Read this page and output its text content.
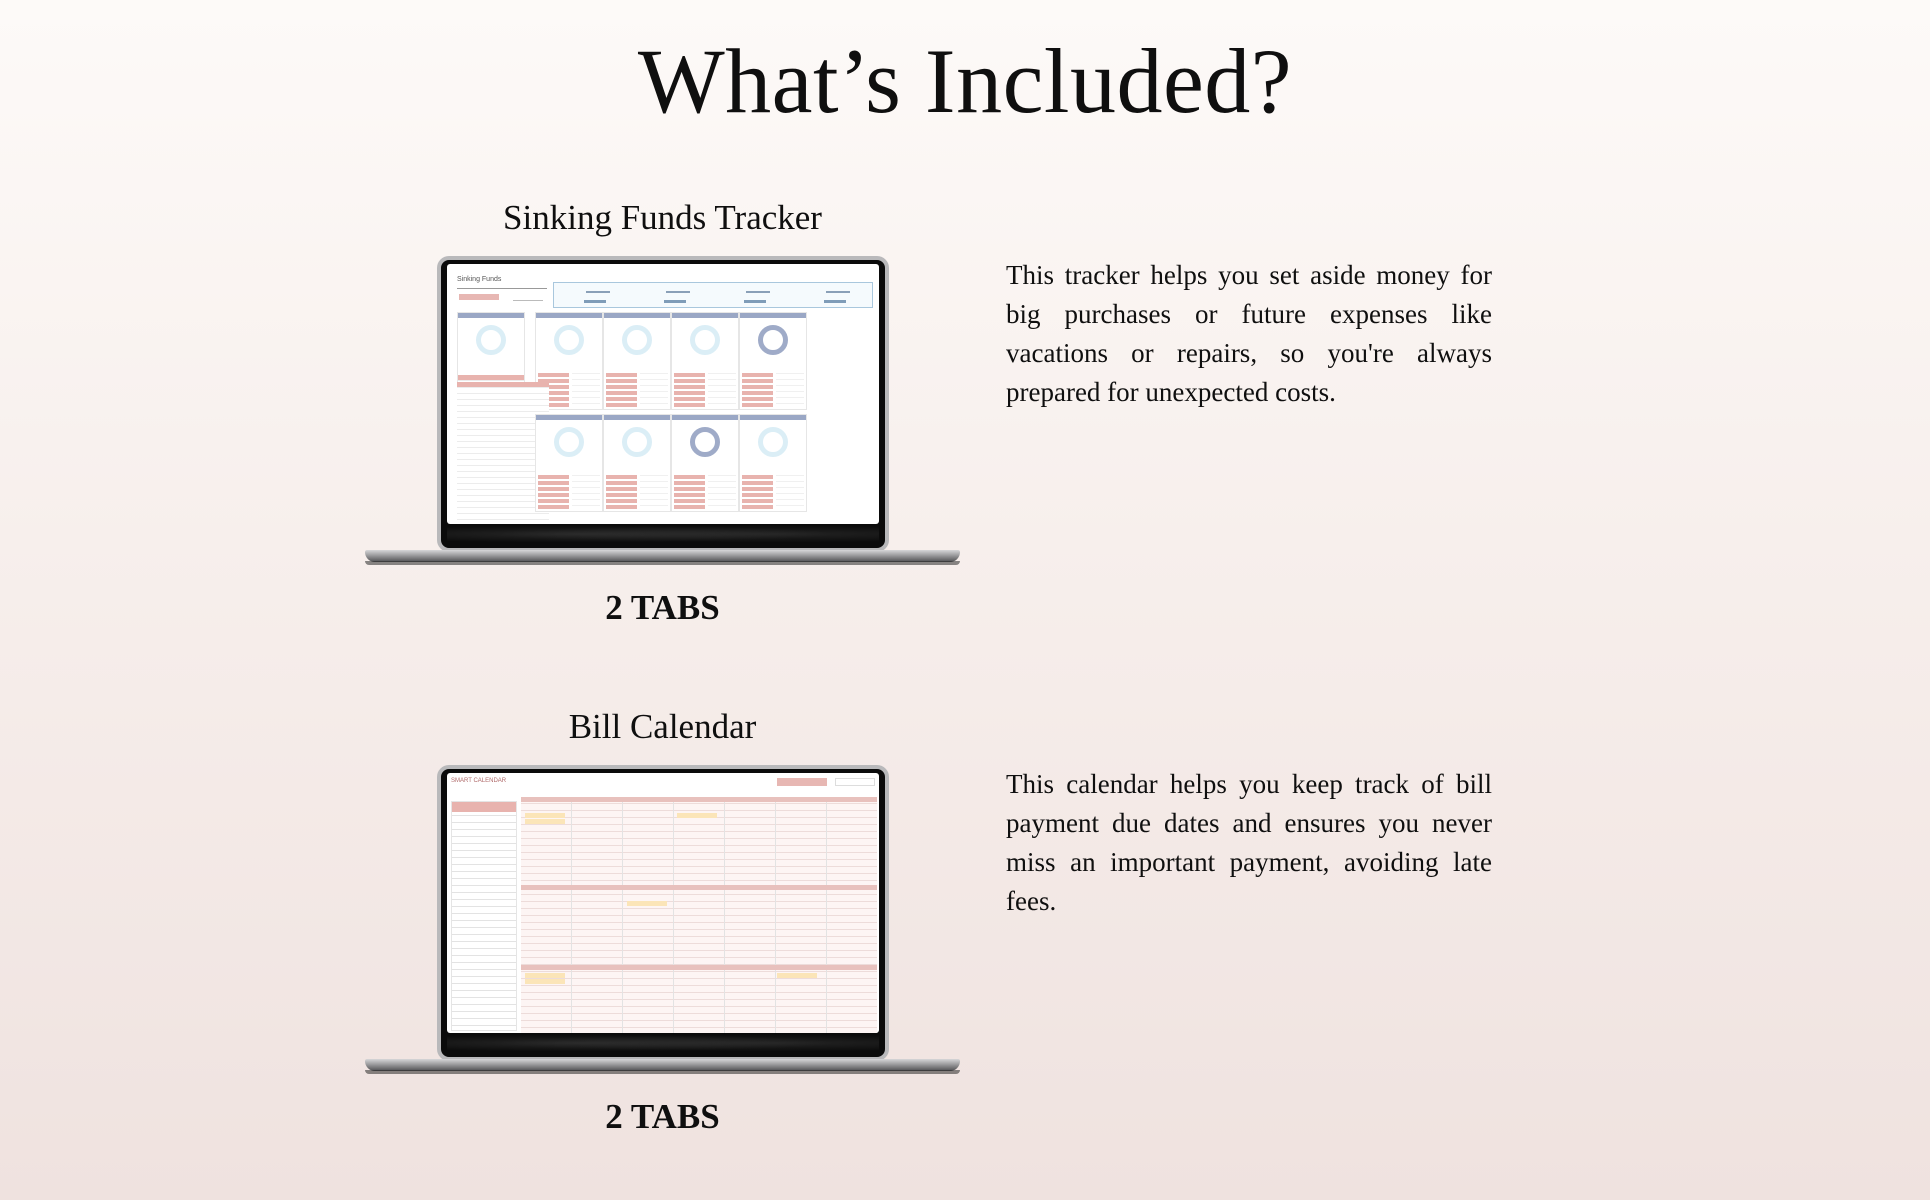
What’s Included?
Sinking Funds Tracker
Sinking Funds
2 TABS
This tracker helps you set aside money for big purchases or future expenses like vacations or repairs, so you're always prepared for unexpected costs.
Bill Calendar
SMART CALENDAR
2 TABS
This calendar helps you keep track of bill payment due dates and ensures you never miss an important payment, avoiding late fees.
